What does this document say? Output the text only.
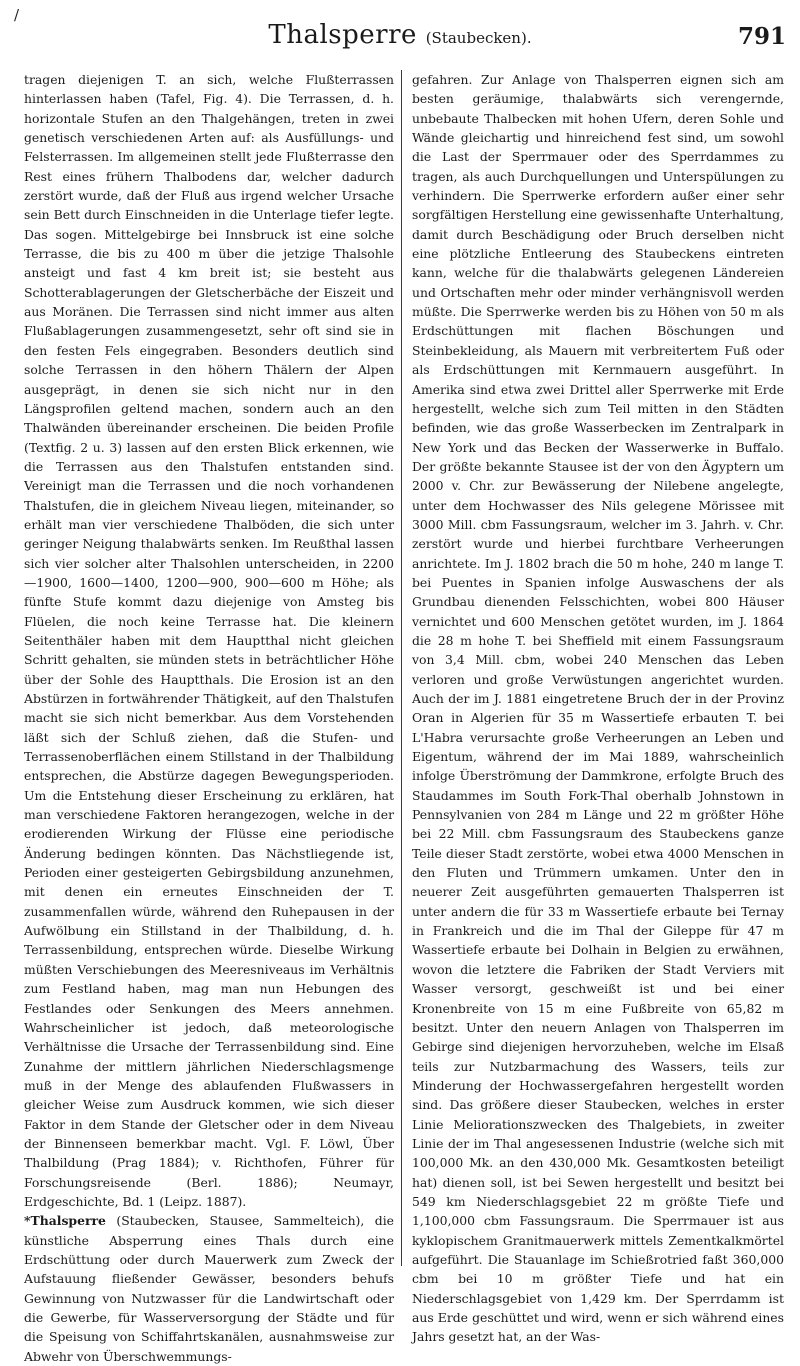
/
Thalsperre (Staubecken).	791

tragen diejenigen T. an sich, welche Flußterrassen hinterlassen haben (Tafel, Fig. 4). Die Terrassen, d. h. horizontale Stufen an den Thalgehängen, treten in zwei genetisch verschiedenen Arten auf: als Ausfüllungs- und Felsterrassen. Im allgemeinen stellt jede Flußterrasse den Rest eines frühern Thalbodens dar, welcher dadurch zerstört wurde, daß der Fluß aus irgend welcher Ursache sein Bett durch Einschneiden in die Unterlage tiefer legte. Das sogen. Mittelgebirge bei Innsbruck ist eine solche Terrasse, die bis zu 400 m über die jetzige Thalsohle ansteigt und fast 4 km breit ist; sie besteht aus Schotterablagerungen der Gletscherbäche der Eiszeit und aus Moränen. Die Terrassen sind nicht immer aus alten Flußablagerungen zusammengesetzt, sehr oft sind sie in den festen Fels eingegraben. Besonders deutlich sind solche Terrassen in den höhern Thälern der Alpen ausgeprägt, in denen sie sich nicht nur in den Längsprofilen geltend machen, sondern auch an den Thalwänden übereinander erscheinen. Die beiden Profile (Textfig. 2 u. 3) lassen auf den ersten Blick erkennen, wie die Terrassen aus den Thalstufen entstanden sind. Vereinigt man die Terrassen und die noch vorhandenen Thalstufen, die in gleichem Niveau liegen, miteinander, so erhält man vier verschiedene Thalböden, die sich unter geringer Neigung thalabwärts senken. Im Reußthal lassen sich vier solcher alter Thalsohlen unterscheiden, in 2200—1900, 1600—1400, 1200—900, 900—600 m Höhe; als fünfte Stufe kommt dazu diejenige von Amsteg bis Flüelen, die noch keine Terrasse hat. Die kleinern Seitenthäler haben mit dem Hauptthal nicht gleichen Schritt gehalten, sie münden stets in beträchtlicher Höhe über der Sohle des Hauptthals. Die Erosion ist an den Abstürzen in fortwährender Thätigkeit, auf den Thalstufen macht sie sich nicht bemerkbar. Aus dem Vorstehenden läßt sich der Schluß ziehen, daß die Stufen- und Terrassenoberflächen einem Stillstand in der Thalbildung entsprechen, die Abstürze dagegen Bewegungsperioden. Um die Entstehung dieser Erscheinung zu erklären, hat man verschiedene Faktoren herangezogen, welche in der erodierenden Wirkung der Flüsse eine periodische Änderung bedingen könnten. Das Nächstliegende ist, Perioden einer gesteigerten Gebirgsbildung anzunehmen, mit denen ein erneutes Einschneiden der T. zusammenfallen würde, während den Ruhepausen in der Aufwölbung ein Stillstand in der Thalbildung, d. h. Terrassenbildung, entsprechen würde. Dieselbe Wirkung müßten Verschiebungen des Meeresniveaus im Verhältnis zum Festland haben, mag man nun Hebungen des Festlandes oder Senkungen des Meers annehmen. Wahrscheinlicher ist jedoch, daß meteorologische Verhältnisse die Ursache der Terrassenbildung sind. Eine Zunahme der mittlern jährlichen Niederschlagsmenge muß in der Menge des ablaufenden Flußwassers in gleicher Weise zum Ausdruck kommen, wie sich dieser Faktor in dem Stande der Gletscher oder in dem Niveau der Binnenseen bemerkbar macht. Vgl. F. Löwl, Über Thalbildung (Prag 1884); v. Richthofen, Führer für Forschungsreisende (Berl. 1886); Neumayr, Erdgeschichte, Bd. 1 (Leipz. 1887).

*Thalsperre (Staubecken, Stausee, Sammelteich), die künstliche Absperrung eines Thals durch eine Erdschüttung oder durch Mauerwerk zum Zweck der Aufstauung fließender Gewässer, besonders behufs Gewinnung von Nutzwasser für die Landwirtschaft oder die Gewerbe, für Wasserversorgung der Städte und für die Speisung von Schiffahrtskanälen, ausnahmsweise zur Abwehr von Überschwemmungs-

gefahren. Zur Anlage von Thalsperren eignen sich am besten geräumige, thalabwärts sich verengernde, unbebaute Thalbecken mit hohen Ufern, deren Sohle und Wände gleichartig und hinreichend fest sind, um sowohl die Last der Sperrmauer oder des Sperrdammes zu tragen, als auch Durchquellungen und Unterspülungen zu verhindern. Die Sperrwerke erfordern außer einer sehr sorgfältigen Herstellung eine gewissenhafte Unterhaltung, damit durch Beschädigung oder Bruch derselben nicht eine plötzliche Entleerung des Staubeckens eintreten kann, welche für die thalabwärts gelegenen Ländereien und Ortschaften mehr oder minder verhängnisvoll werden müßte. Die Sperrwerke werden bis zu Höhen von 50 m als Erdschüttungen mit flachen Böschungen und Steinbekleidung, als Mauern mit verbreitertem Fuß oder als Erdschüttungen mit Kernmauern ausgeführt. In Amerika sind etwa zwei Drittel aller Sperrwerke mit Erde hergestellt, welche sich zum Teil mitten in den Städten befinden, wie das große Wasserbecken im Zentralpark in New York und das Becken der Wasserwerke in Buffalo. Der größte bekannte Stausee ist der von den Ägyptern um 2000 v. Chr. zur Bewässerung der Nilebene angelegte, unter dem Hochwasser des Nils gelegene Mörissee mit 3000 Mill. cbm Fassungsraum, welcher im 3. Jahrh. v. Chr. zerstört wurde und hierbei furchtbare Verheerungen anrichtete. Im J. 1802 brach die 50 m hohe, 240 m lange T. bei Puentes in Spanien infolge Auswaschens der als Grundbau dienenden Felsschichten, wobei 800 Häuser vernichtet und 600 Menschen getötet wurden, im J. 1864 die 28 m hohe T. bei Sheffield mit einem Fassungsraum von 3,4 Mill. cbm, wobei 240 Menschen das Leben verloren und große Verwüstungen angerichtet wurden. Auch der im J. 1881 eingetretene Bruch der in der Provinz Oran in Algerien für 35 m Wassertiefe erbauten T. bei L'Habra verursachte große Verheerungen an Leben und Eigentum, während der im Mai 1889, wahrscheinlich infolge Überströmung der Dammkrone, erfolgte Bruch des Staudammes im South Fork-Thal oberhalb Johnstown in Pennsylvanien von 284 m Länge und 22 m größter Höhe bei 22 Mill. cbm Fassungsraum des Staubeckens ganze Teile dieser Stadt zerstörte, wobei etwa 4000 Menschen in den Fluten und Trümmern umkamen. Unter den in neuerer Zeit ausgeführten gemauerten Thalsperren ist unter andern die für 33 m Wassertiefe erbaute bei Ternay in Frankreich und die im Thal der Gileppe für 47 m Wassertiefe erbaute bei Dolhain in Belgien zu erwähnen, wovon die letztere die Fabriken der Stadt Verviers mit Wasser versorgt, geschweißt ist und bei einer Kronenbreite von 15 m eine Fußbreite von 65,82 m besitzt. Unter den neuern Anlagen von Thalsperren im Gebirge sind diejenigen hervorzuheben, welche im Elsaß teils zur Nutzbarmachung des Wassers, teils zur Minderung der Hochwassergefahren hergestellt worden sind. Das größere dieser Staubecken, welches in erster Linie Meliorationszwecken des Thalgebiets, in zweiter Linie der im Thal angesessenen Industrie (welche sich mit 100,000 Mk. an den 430,000 Mk. Gesamtkosten beteiligt hat) dienen soll, ist bei Sewen hergestellt und besitzt bei 549 km Niederschlagsgebiet 22 m größte Tiefe und 1,100,000 cbm Fassungsraum. Die Sperrmauer ist aus kyklopischem Granitmauerwerk mittels Zementkalkmörtel aufgeführt. Die Stauanlage im Schießrotried faßt 360,000 cbm bei 10 m größter Tiefe und hat ein Niederschlagsgebiet von 1,429 km. Der Sperrdamm ist aus Erde geschüttet und wird, wenn er sich während eines Jahrs gesetzt hat, an der Was-
